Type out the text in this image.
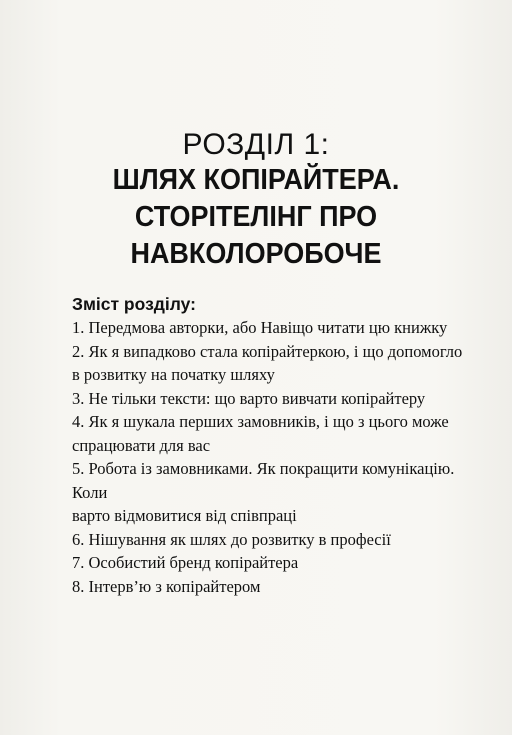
РОЗДІЛ 1:
ШЛЯХ КОПІРАЙТЕРА.
СТОРІТЕЛІНГ ПРО
НАВКОЛОРОБОЧЕ
Зміст розділу:
1. Передмова авторки, або Навіщо читати цю книжку
2. Як я випадково стала копірайтеркою, і що допомогло
в розвитку на початку шляху
3. Не тільки тексти: що варто вивчати копірайтеру
4. Як я шукала перших замовників, і що з цього може
спрацювати для вас
5. Робота із замовниками. Як покращити комунікацію. Коли
варто відмовитися від співпраці
6. Нішування як шлях до розвитку в професії
7. Особистий бренд копірайтера
8. Інтерв’ю з копірайтером
